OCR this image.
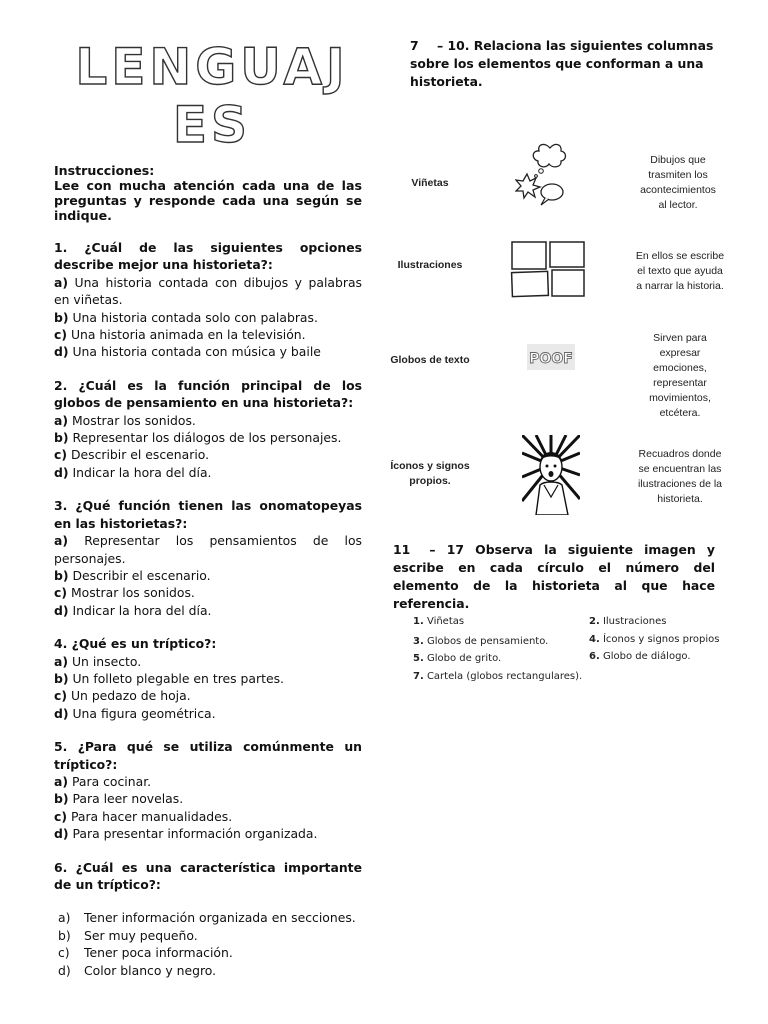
LENGUAJ
ES
Instrucciones:
Lee con mucha atención cada una de las preguntas y responde cada una según se indique.
1. ¿Cuál de las siguientes opciones describe mejor una historieta?:
a) Una historia contada con dibujos y palabras en viñetas.
b) Una historia contada solo con palabras.
c) Una historia animada en la televisión.
d) Una historia contada con música y baile
2. ¿Cuál es la función principal de los globos de pensamiento en una historieta?:
a) Mostrar los sonidos.
b) Representar los diálogos de los personajes.
c) Describir el escenario.
d) Indicar la hora del día.
3. ¿Qué función tienen las onomatopeyas en las historietas?:
a) Representar los pensamientos de los personajes.
b) Describir el escenario.
c) Mostrar los sonidos.
d) Indicar la hora del día.
4. ¿Qué es un tríptico?:
a) Un insecto.
b) Un folleto plegable en tres partes.
c) Un pedazo de hoja.
d) Una figura geométrica.
5. ¿Para qué se utiliza comúnmente un tríptico?:
a) Para cocinar.
b) Para leer novelas.
c) Para hacer manualidades.
d) Para presentar información organizada.
6. ¿Cuál es una característica importante de un tríptico?:
a) Tener información organizada en secciones.
b) Ser muy pequeño.
c) Tener poca información.
d) Color blanco y negro.
7 – 10. Relaciona las siguientes columnas sobre los elementos que conforman a una historieta.
Viñetas
Dibujos que trasmiten los acontecimientos al lector.
Ilustraciones
En ellos se escribe el texto que ayuda a narrar la historia.
Globos de texto	POOF
Sirven para expresar emociones, representar movimientos, etcétera.
Íconos y signos propios.
Recuadros donde se encuentran las ilustraciones de la historieta.
11 – 17 Observa la siguiente imagen y escribe en cada círculo el número del elemento de la historieta al que hace referencia.
1. Viñetas
3. Globos de pensamiento.
5. Globo de grito.
7. Cartela (globos rectangulares).
2. Ilustraciones
4. Íconos y signos propios
6. Globo de diálogo.
